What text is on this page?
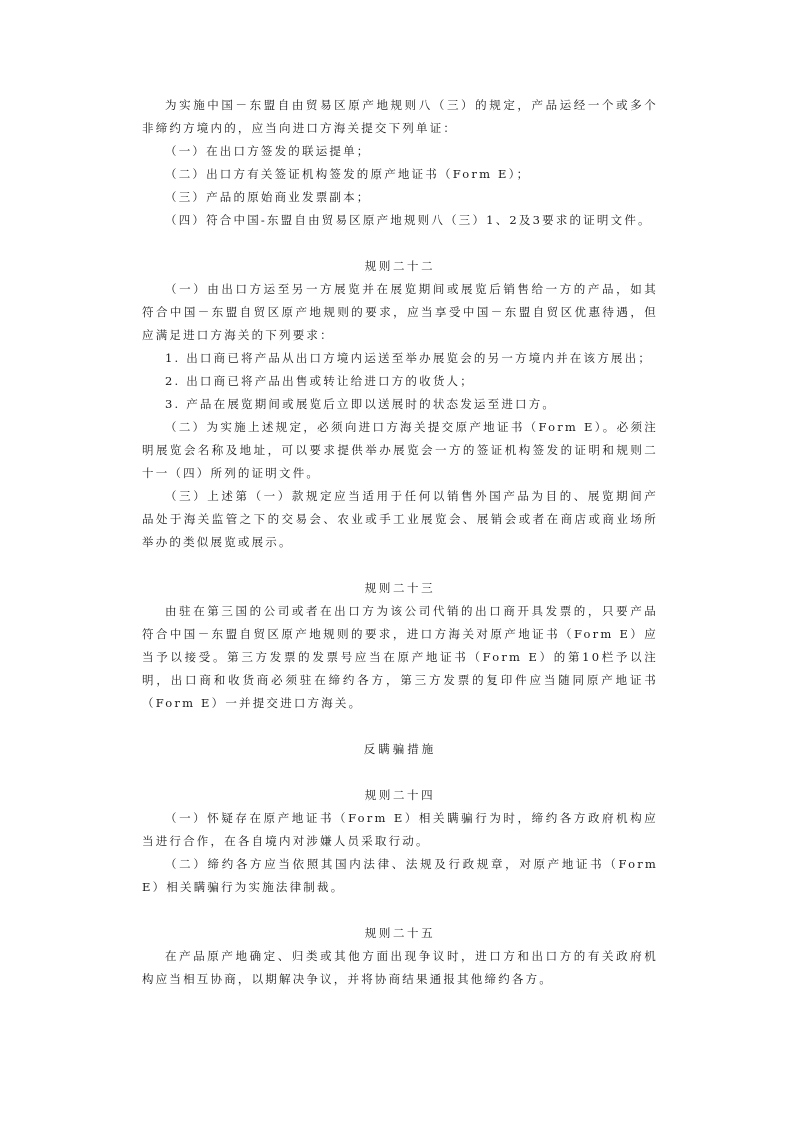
为实施中国－东盟自由贸易区原产地规则八（三）的规定，产品运经一个或多个非缔约方境内的，应当向进口方海关提交下列单证：

（一）在出口方签发的联运提单；

（二）出口方有关签证机构签发的原产地证书（Form E）；

（三）产品的原始商业发票副本；

（四）符合中国-东盟自由贸易区原产地规则八（三）1、2及3要求的证明文件。

规则二十二

（一）由出口方运至另一方展览并在展览期间或展览后销售给一方的产品，如其符合中国－东盟自贸区原产地规则的要求，应当享受中国－东盟自贸区优惠待遇，但应满足进口方海关的下列要求：

1. 出口商已将产品从出口方境内运送至举办展览会的另一方境内并在该方展出；

2. 出口商已将产品出售或转让给进口方的收货人；

3. 产品在展览期间或展览后立即以送展时的状态发运至进口方。

（二）为实施上述规定，必须向进口方海关提交原产地证书（Form E）。必须注明展览会名称及地址，可以要求提供举办展览会一方的签证机构签发的证明和规则二十一（四）所列的证明文件。

（三）上述第（一）款规定应当适用于任何以销售外国产品为目的、展览期间产品处于海关监管之下的交易会、农业或手工业展览会、展销会或者在商店或商业场所举办的类似展览或展示。

规则二十三

由驻在第三国的公司或者在出口方为该公司代销的出口商开具发票的，只要产品符合中国－东盟自贸区原产地规则的要求，进口方海关对原产地证书（Form E）应当予以接受。第三方发票的发票号应当在原产地证书（Form E）的第10栏予以注明，出口商和收货商必须驻在缔约各方，第三方发票的复印件应当随同原产地证书（Form E）一并提交进口方海关。

反瞒骗措施

规则二十四

（一）怀疑存在原产地证书（Form E）相关瞒骗行为时，缔约各方政府机构应当进行合作，在各自境内对涉嫌人员采取行动。

（二）缔约各方应当依照其国内法律、法规及行政规章，对原产地证书（Form E）相关瞒骗行为实施法律制裁。

规则二十五

在产品原产地确定、归类或其他方面出现争议时，进口方和出口方的有关政府机构应当相互协商，以期解决争议，并将协商结果通报其他缔约各方。
